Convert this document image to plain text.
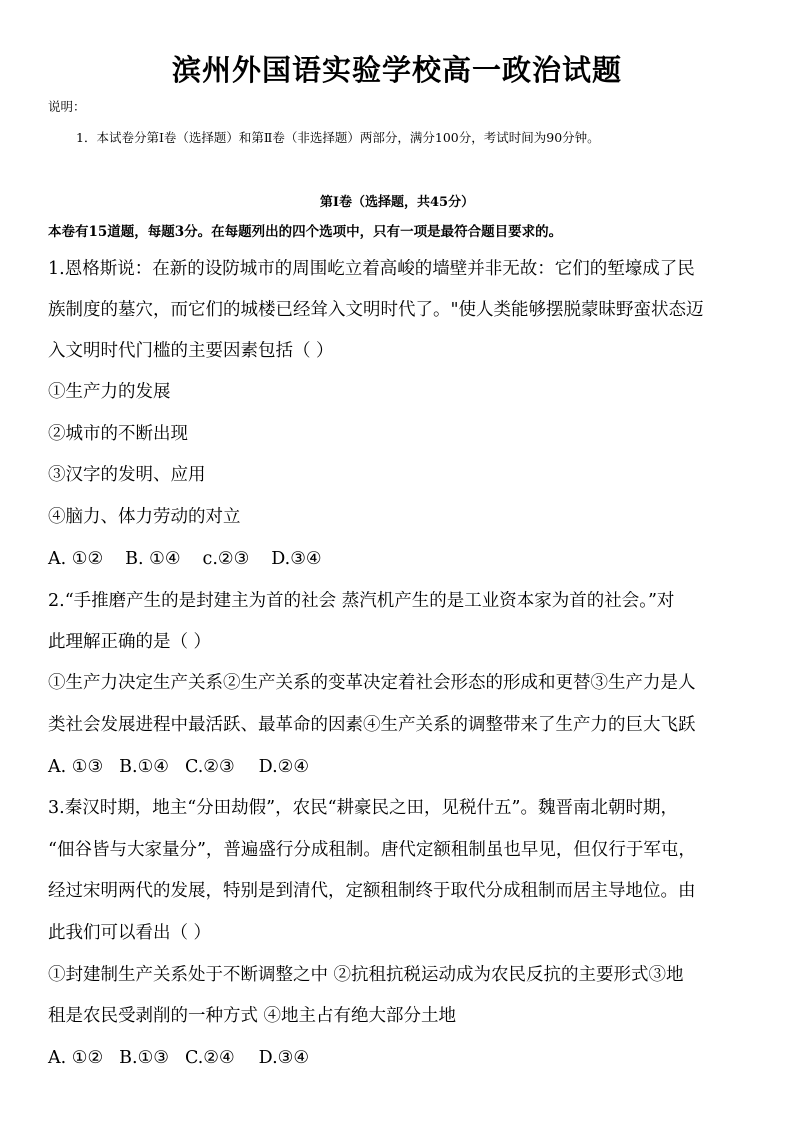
滨州外国语实验学校高一政治试题
说明：
1．本试卷分第Ⅰ卷（选择题）和第Ⅱ卷（非选择题）两部分，满分100分，考试时间为90分钟。
第Ⅰ卷（选择题，共45分）
本卷有15道题，每题3分。在每题列出的四个选项中，只有一项是最符合题目要求的。
1.恩格斯说：在新的设防城市的周围屹立着高峻的墙壁并非无故：它们的堑壕成了民
族制度的墓穴，而它们的城楼已经耸入文明时代了。"使人类能够摆脱蒙昧野蛮状态迈
入文明时代门槛的主要因素包括（ ）
①生产力的发展
②城市的不断出现
③汉字的发明、应用
④脑力、体力劳动的对立
A. ①② B. ①④ c.②③ D.③④
2.“手推磨产生的是封建主为首的社会 蒸汽机产生的是工业资本家为首的社会。”对
此理解正确的是（ ）
①生产力决定生产关系②生产关系的变革决定着社会形态的形成和更替③生产力是人
类社会发展进程中最活跃、最革命的因素④生产关系的调整带来了生产力的巨大飞跃
A. ①③ B.①④ C.②③ D.②④
3.秦汉时期，地主“分田劫假”，农民“耕豪民之田，见税什五”。魏晋南北朝时期，
“佃谷皆与大家量分”，普遍盛行分成租制。唐代定额租制虽也早见，但仅行于军屯，
经过宋明两代的发展，特别是到清代，定额租制终于取代分成租制而居主导地位。由
此我们可以看出（ ）
①封建制生产关系处于不断调整之中 ②抗租抗税运动成为农民反抗的主要形式③地
租是农民受剥削的一种方式 ④地主占有绝大部分土地
A. ①② B.①③ C.②④ D.③④
